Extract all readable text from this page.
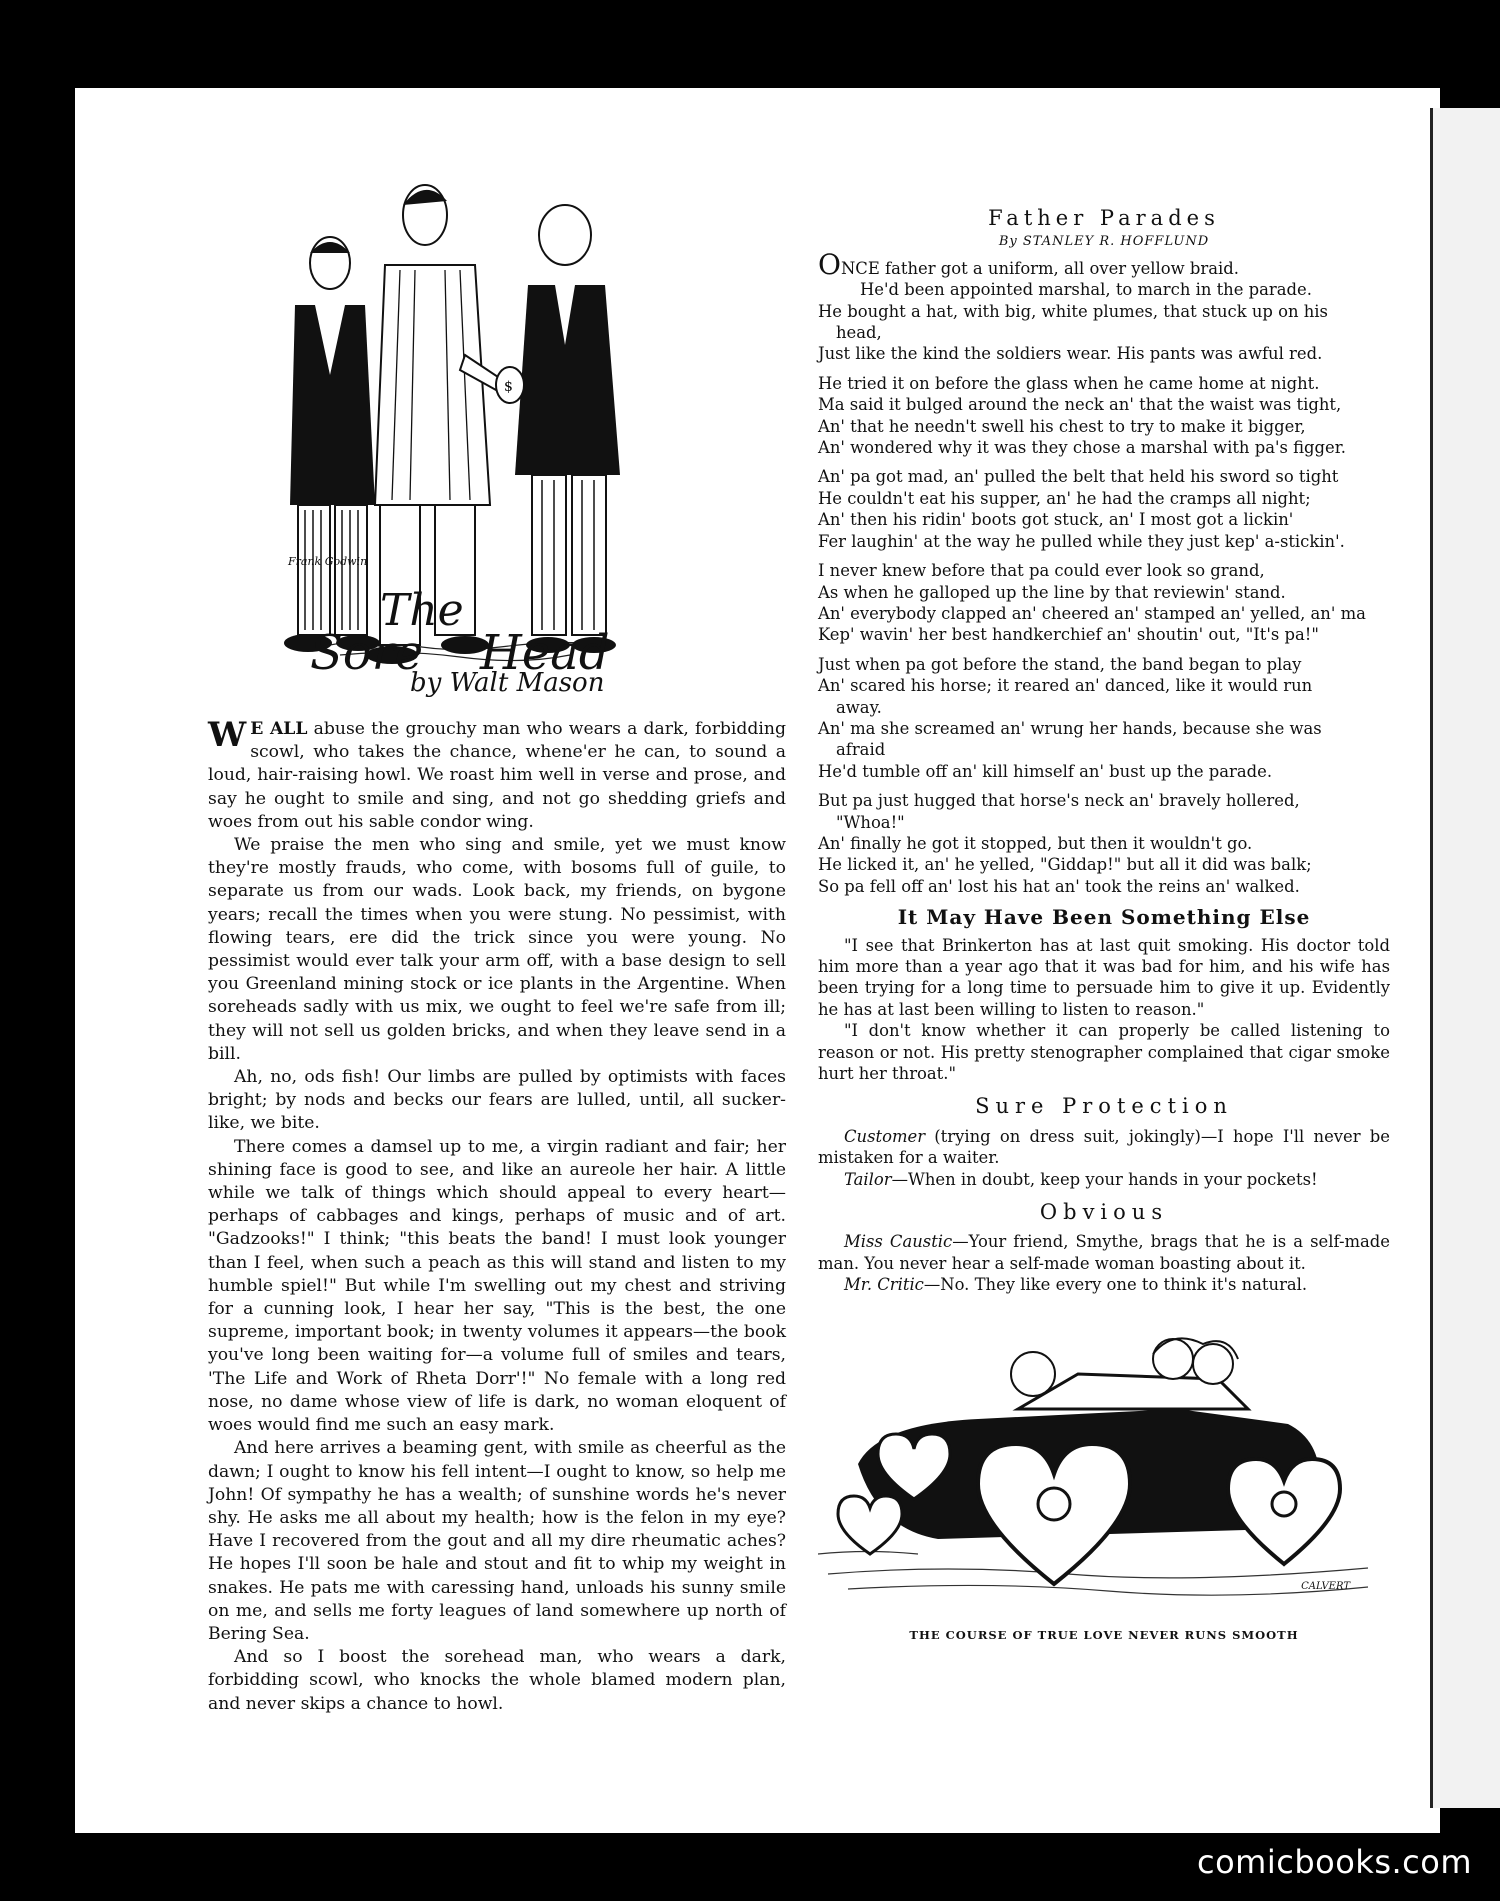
$
Frank Godwin
The
Sore Head
by Walt Mason

W E ALL abuse the grouchy man who wears a dark, forbidding scowl, who takes the chance, whene'er he can, to sound a loud, hair-raising howl. We roast him well in verse and prose, and say he ought to smile and sing, and not go shedding griefs and woes from out his sable condor wing.

We praise the men who sing and smile, yet we must know they're mostly frauds, who come, with bosoms full of guile, to separate us from our wads. Look back, my friends, on bygone years; recall the times when you were stung. No pessimist, with flowing tears, ere did the trick since you were young. No pessimist would ever talk your arm off, with a base design to sell you Greenland mining stock or ice plants in the Argentine. When soreheads sadly with us mix, we ought to feel we're safe from ill; they will not sell us golden bricks, and when they leave send in a bill.

Ah, no, ods fish! Our limbs are pulled by optimists with faces bright; by nods and becks our fears are lulled, until, all sucker-like, we bite.

There comes a damsel up to me, a virgin radiant and fair; her shining face is good to see, and like an aureole her hair. A little while we talk of things which should appeal to every heart—perhaps of cabbages and kings, perhaps of music and of art. "Gadzooks!" I think; "this beats the band! I must look younger than I feel, when such a peach as this will stand and listen to my humble spiel!" But while I'm swelling out my chest and striving for a cunning look, I hear her say, "This is the best, the one supreme, important book; in twenty volumes it appears—the book you've long been waiting for—a volume full of smiles and tears, 'The Life and Work of Rheta Dorr'!" No female with a long red nose, no dame whose view of life is dark, no woman eloquent of woes would find me such an easy mark.

And here arrives a beaming gent, with smile as cheerful as the dawn; I ought to know his fell intent—I ought to know, so help me John! Of sympathy he has a wealth; of sunshine words he's never shy. He asks me all about my health; how is the felon in my eye? Have I recovered from the gout and all my dire rheumatic aches? He hopes I'll soon be hale and stout and fit to whip my weight in snakes. He pats me with caressing hand, unloads his sunny smile on me, and sells me forty leagues of land somewhere up north of Bering Sea.

And so I boost the sorehead man, who wears a dark, forbidding scowl, who knocks the whole blamed modern plan, and never skips a chance to howl.

Father Parades
By STANLEY R. HOFFLUND
ONCE father got a uniform, all over yellow braid.
He'd been appointed marshal, to march in the parade.
He bought a hat, with big, white plumes, that stuck up on his
head,
Just like the kind the soldiers wear. His pants was awful red.
He tried it on before the glass when he came home at night.
Ma said it bulged around the neck an' that the waist was tight,
An' that he needn't swell his chest to try to make it bigger,
An' wondered why it was they chose a marshal with pa's figger.
An' pa got mad, an' pulled the belt that held his sword so tight
He couldn't eat his supper, an' he had the cramps all night;
An' then his ridin' boots got stuck, an' I most got a lickin'
Fer laughin' at the way he pulled while they just kep' a-stickin'.
I never knew before that pa could ever look so grand,
As when he galloped up the line by that reviewin' stand.
An' everybody clapped an' cheered an' stamped an' yelled, an' ma
Kep' wavin' her best handkerchief an' shoutin' out, "It's pa!"
Just when pa got before the stand, the band began to play
An' scared his horse; it reared an' danced, like it would run
away.
An' ma she screamed an' wrung her hands, because she was
afraid
He'd tumble off an' kill himself an' bust up the parade.
But pa just hugged that horse's neck an' bravely hollered,
"Whoa!"
An' finally he got it stopped, but then it wouldn't go.
He licked it, an' he yelled, "Giddap!" but all it did was balk;
So pa fell off an' lost his hat an' took the reins an' walked.
It May Have Been Something Else

"I see that Brinkerton has at last quit smoking. His doctor told him more than a year ago that it was bad for him, and his wife has been trying for a long time to persuade him to give it up. Evidently he has at last been willing to listen to reason."

"I don't know whether it can properly be called listening to reason or not. His pretty stenographer complained that cigar smoke hurt her throat."

Sure Protection

Customer (trying on dress suit, jokingly)—I hope I'll never be mistaken for a waiter.

Tailor—When in doubt, keep your hands in your pockets!

Obvious

Miss Caustic—Your friend, Smythe, brags that he is a self-made man. You never hear a self-made woman boasting about it.

Mr. Critic—No. They like every one to think it's natural.

CALVERT
THE COURSE OF TRUE LOVE NEVER RUNS SMOOTH
comicbooks.com
